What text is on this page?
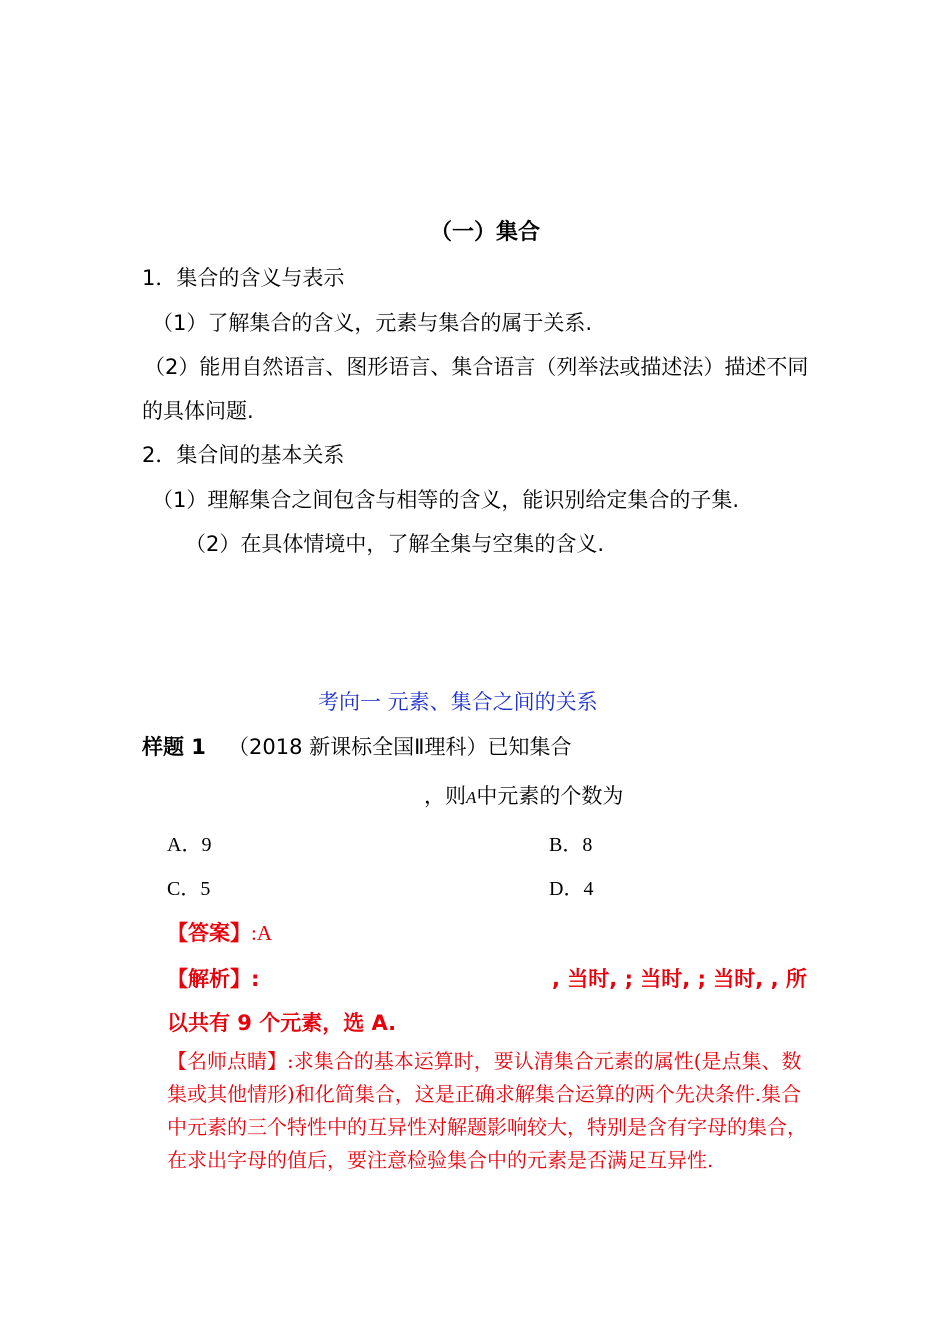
（一）集合
1．集合的含义与表示
（1）了解集合的含义，元素与集合的属于关系.
（2）能用自然语言、图形语言、集合语言（列举法或描述法）描述不同
的具体问题.
2．集合间的基本关系
（1）理解集合之间包含与相等的含义，能识别给定集合的子集.
（2）在具体情境中，了解全集与空集的含义.
考向一 元素、集合之间的关系
样题 1 （2018 新课标全国Ⅱ理科）已知集合
，则A中元素的个数为
A．9	B．8
C．5	D．4
【答案】:A
【解析】:	, 当时, ; 当时, ; 当时, , 所
以共有 9 个元素，选 A.
【名师点睛】:求集合的基本运算时，要认清集合元素的属性(是点集、数集或其他情形)和化简集合，这是正确求解集合运算的两个先决条件.集合中元素的三个特性中的互异性对解题影响较大，特别是含有字母的集合，在求出字母的值后，要注意检验集合中的元素是否满足互异性.
